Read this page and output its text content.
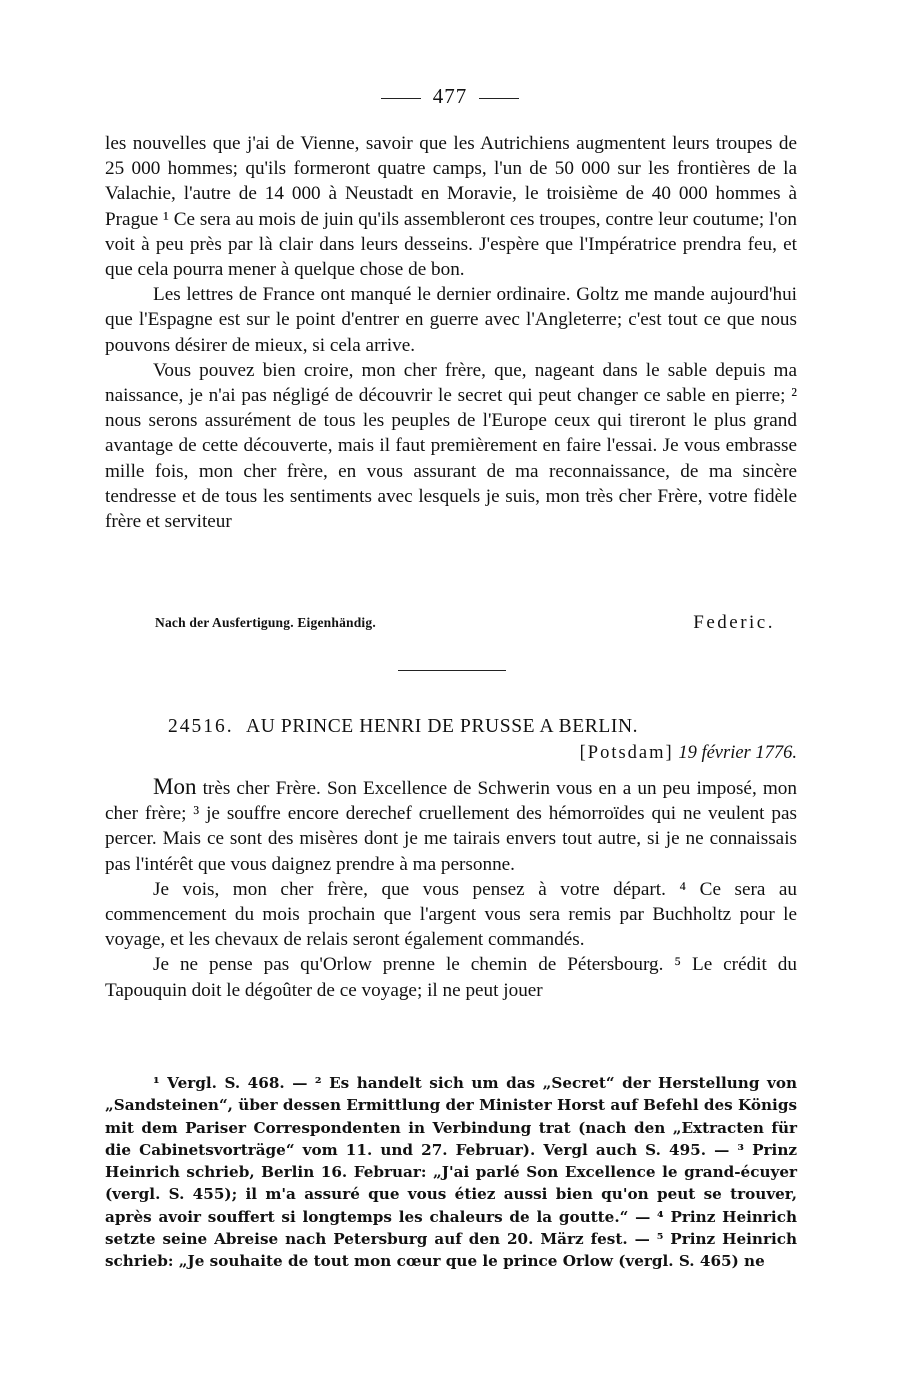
477

les nouvelles que j'ai de Vienne, savoir que les Autrichiens augmentent leurs troupes de 25 000 hommes; qu'ils formeront quatre camps, l'un de 50 000 sur les frontières de la Valachie, l'autre de 14 000 à Neustadt en Moravie, le troisième de 40 000 hommes à Prague ¹ Ce sera au mois de juin qu'ils assembleront ces troupes, contre leur coutume; l'on voit à peu près par là clair dans leurs desseins. J'espère que l'Impératrice prendra feu, et que cela pourra mener à quelque chose de bon.

Les lettres de France ont manqué le dernier ordinaire. Goltz me mande aujourd'hui que l'Espagne est sur le point d'entrer en guerre avec l'Angleterre; c'est tout ce que nous pouvons désirer de mieux, si cela arrive.

Vous pouvez bien croire, mon cher frère, que, nageant dans le sable depuis ma naissance, je n'ai pas négligé de découvrir le secret qui peut changer ce sable en pierre; ² nous serons assurément de tous les peuples de l'Europe ceux qui tireront le plus grand avantage de cette découverte, mais il faut premièrement en faire l'essai. Je vous embrasse mille fois, mon cher frère, en vous assurant de ma reconnaissance, de ma sincère tendresse et de tous les sentiments avec lesquels je suis, mon très cher Frère, votre fidèle frère et serviteur

Nach der Ausfertigung. Eigenhändig.	Federic.
24516. AU PRINCE HENRI DE PRUSSE A BERLIN.
[Potsdam] 19 février 1776.

Mon très cher Frère. Son Excellence de Schwerin vous en a un peu imposé, mon cher frère; ³ je souffre encore derechef cruellement des hémorroïdes qui ne veulent pas percer. Mais ce sont des misères dont je me tairais envers tout autre, si je ne connaissais pas l'intérêt que vous daignez prendre à ma personne.

Je vois, mon cher frère, que vous pensez à votre départ. ⁴ Ce sera au commencement du mois prochain que l'argent vous sera remis par Buchholtz pour le voyage, et les chevaux de relais seront également commandés.

Je ne pense pas qu'Orlow prenne le chemin de Pétersbourg. ⁵ Le crédit du Tapouquin doit le dégoûter de ce voyage; il ne peut jouer

¹ Vergl. S. 468. — ² Es handelt sich um das „Secret“ der Herstellung von „Sandsteinen“, über dessen Ermittlung der Minister Horst auf Befehl des Königs mit dem Pariser Correspondenten in Verbindung trat (nach den „Extracten für die Cabinetsvorträge“ vom 11. und 27. Februar). Vergl auch S. 495. — ³ Prinz Heinrich schrieb, Berlin 16. Februar: „J'ai parlé Son Excellence le grand-écuyer (vergl. S. 455); il m'a assuré que vous étiez aussi bien qu'on peut se trouver, après avoir souffert si longtemps les chaleurs de la goutte.“ — ⁴ Prinz Heinrich setzte seine Abreise nach Petersburg auf den 20. März fest. — ⁵ Prinz Heinrich schrieb: „Je souhaite de tout mon cœur que le prince Orlow (vergl. S. 465) ne
